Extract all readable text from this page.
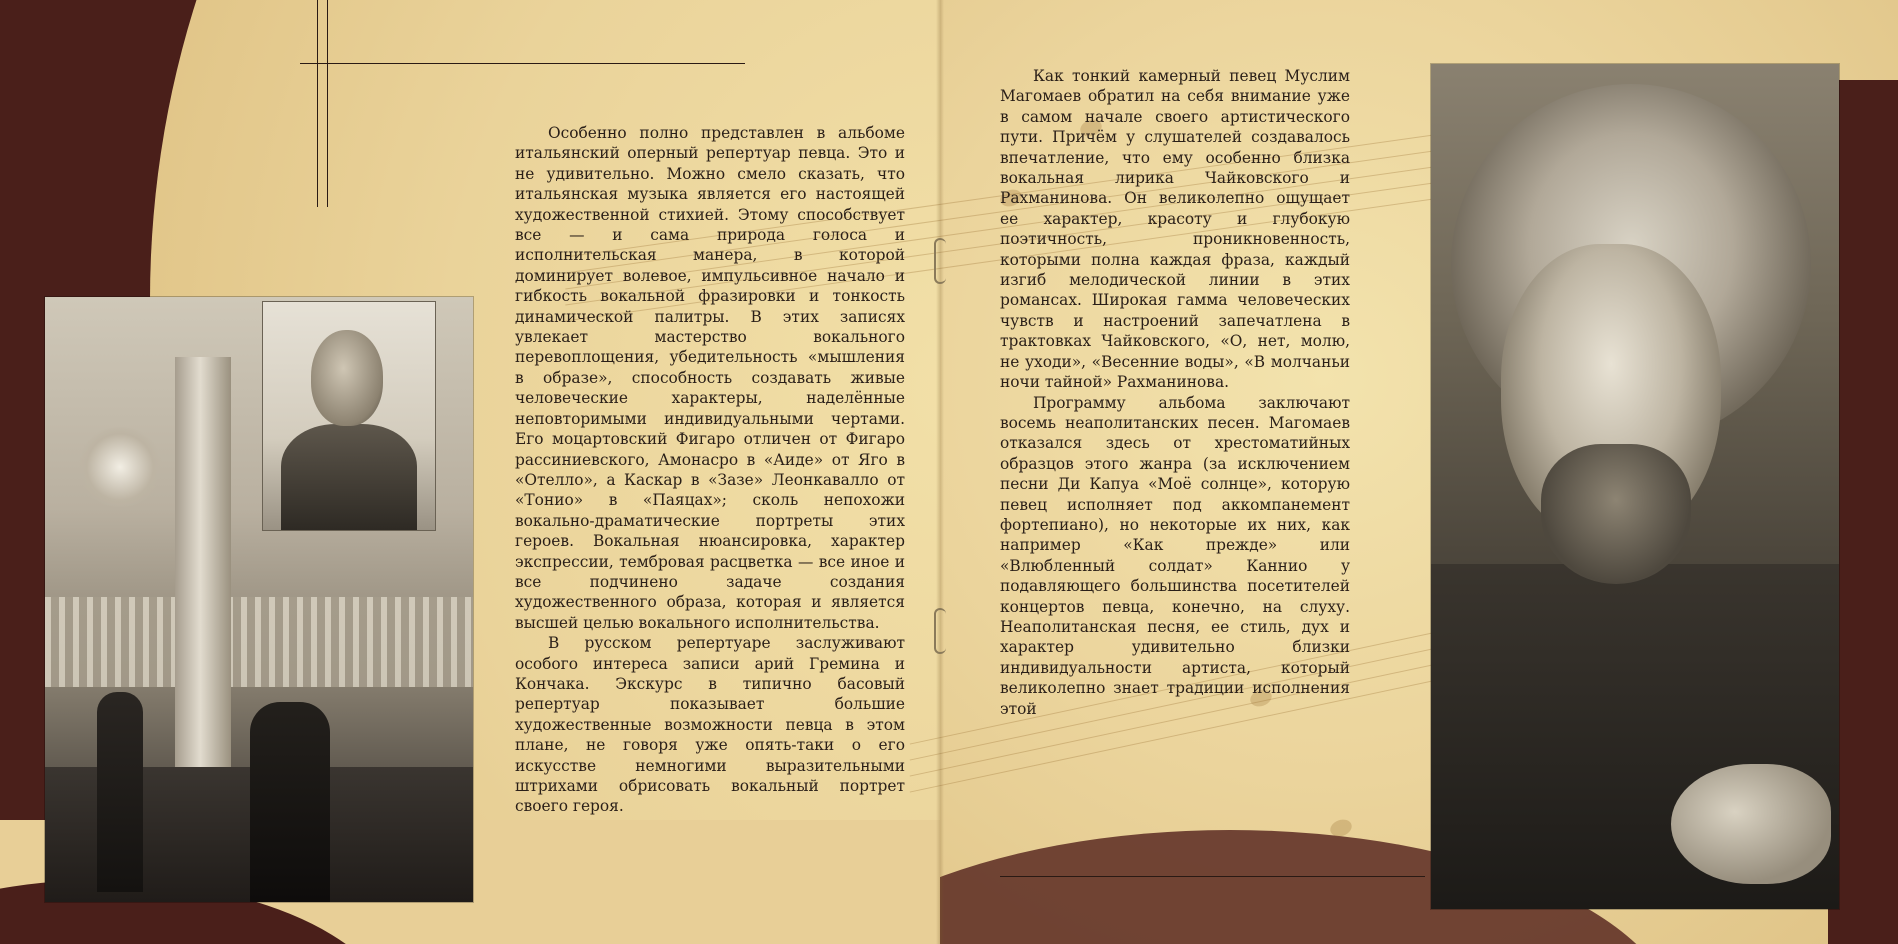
Особенно полно представлен в альбоме итальянский оперный репертуар певца. Это и не удивительно. Можно смело сказать, что итальянская музыка является его настоящей художественной стихией. Этому способствует все — и сама природа голоса и исполнительская манера, в которой доминирует волевое, импульсивное начало и гибкость вокальной фразировки и тонкость динамической палитры. В этих записях увлекает мастерство вокального перевоплощения, убедительность «мышления в образе», способность создавать живые человеческие характеры, наделённые неповторимыми индивидуальными чертами. Его моцартовский Фигаро отличен от Фигаро рассиниевского, Амонасро в «Аиде» от Яго в «Отелло», а Каскар в «Зазе» Леонкавалло от «Тонио» в «Паяцах»; сколь непохожи вокально-драматические портреты этих героев. Вокальная нюансировка, характер экспрессии, тембровая расцветка — все иное и все подчинено задаче создания художественного образа, которая и является высшей целью вокального исполнительства.

В русском репертуаре заслуживают особого интереса записи арий Гремина и Кончака. Экскурс в типично басовый репертуар показывает большие художественные возможности певца в этом плане, не говоря уже опять-таки о его искусстве немногими выразительными штрихами обрисовать вокальный портрет своего героя.

Как тонкий камерный певец Муслим Магомаев обратил на себя внимание уже в самом начале своего артистического пути. Причём у слушателей создавалось впечатление, что ему особенно близка вокальная лирика Чайковского и Рахманинова. Он великолепно ощущает ее характер, красоту и глубокую поэтичность, проникновенность, которыми полна каждая фраза, каждый изгиб мелодической линии в этих романсах. Широкая гамма человеческих чувств и настроений запечатлена в трактовках Чайковского, «О, нет, молю, не уходи», «Весенние воды», «В молчаньи ночи тайной» Рахманинова.

Программу альбома заключают восемь неаполитанских песен. Магомаев отказался здесь от хрестоматийных образцов этого жанра (за исключением песни Ди Капуа «Моё солнце», которую певец исполняет под аккомпанемент фортепиано), но некоторые их них, как например «Как прежде» или «Влюбленный солдат» Каннио у подавляющего большинства посетителей концертов певца, конечно, на слуху. Неаполитанская песня, ее стиль, дух и характер удивительно близки индивидуальности артиста, который великолепно знает традиции исполнения этой
